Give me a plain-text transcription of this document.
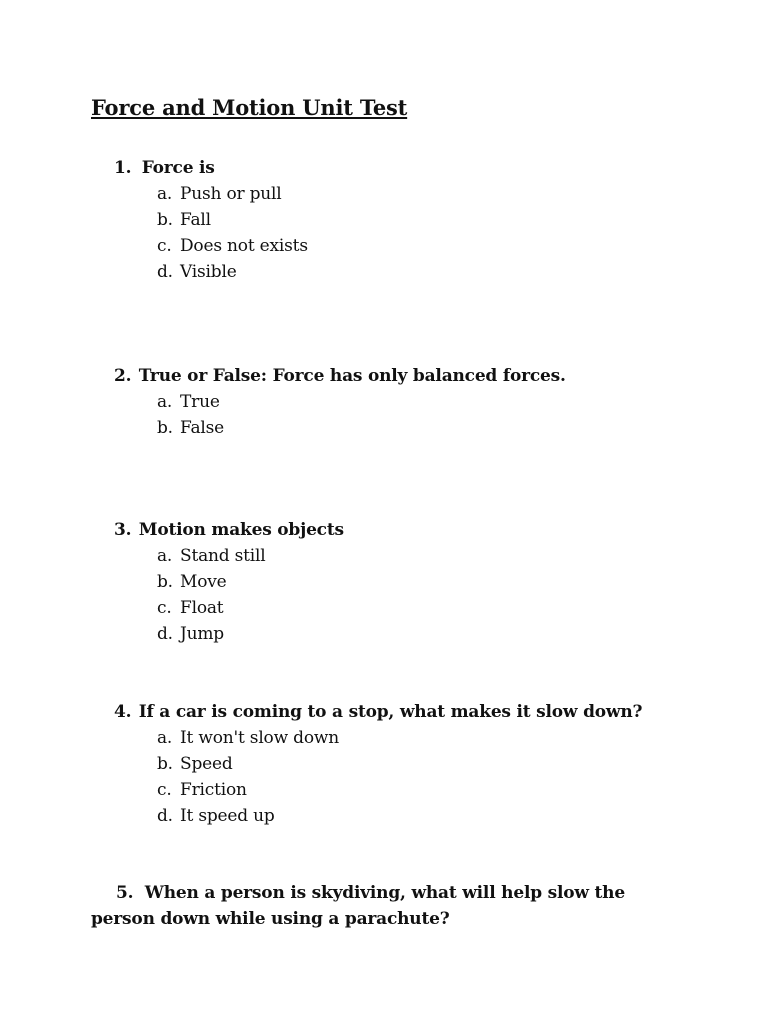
Force and Motion Unit Test
1. Force is
a. Push or pull
b. Fall
c. Does not exists
d. Visible
2. True or False: Force has only balanced forces.
a. True
b. False
3. Motion makes objects
a. Stand still
b. Move
c. Float
d. Jump
4. If a car is coming to a stop, what makes it slow down?
a. It won't slow down
b. Speed
c. Friction
d. It speed up
5. When a person is skydiving, what will help slow the person down while using a parachute?
